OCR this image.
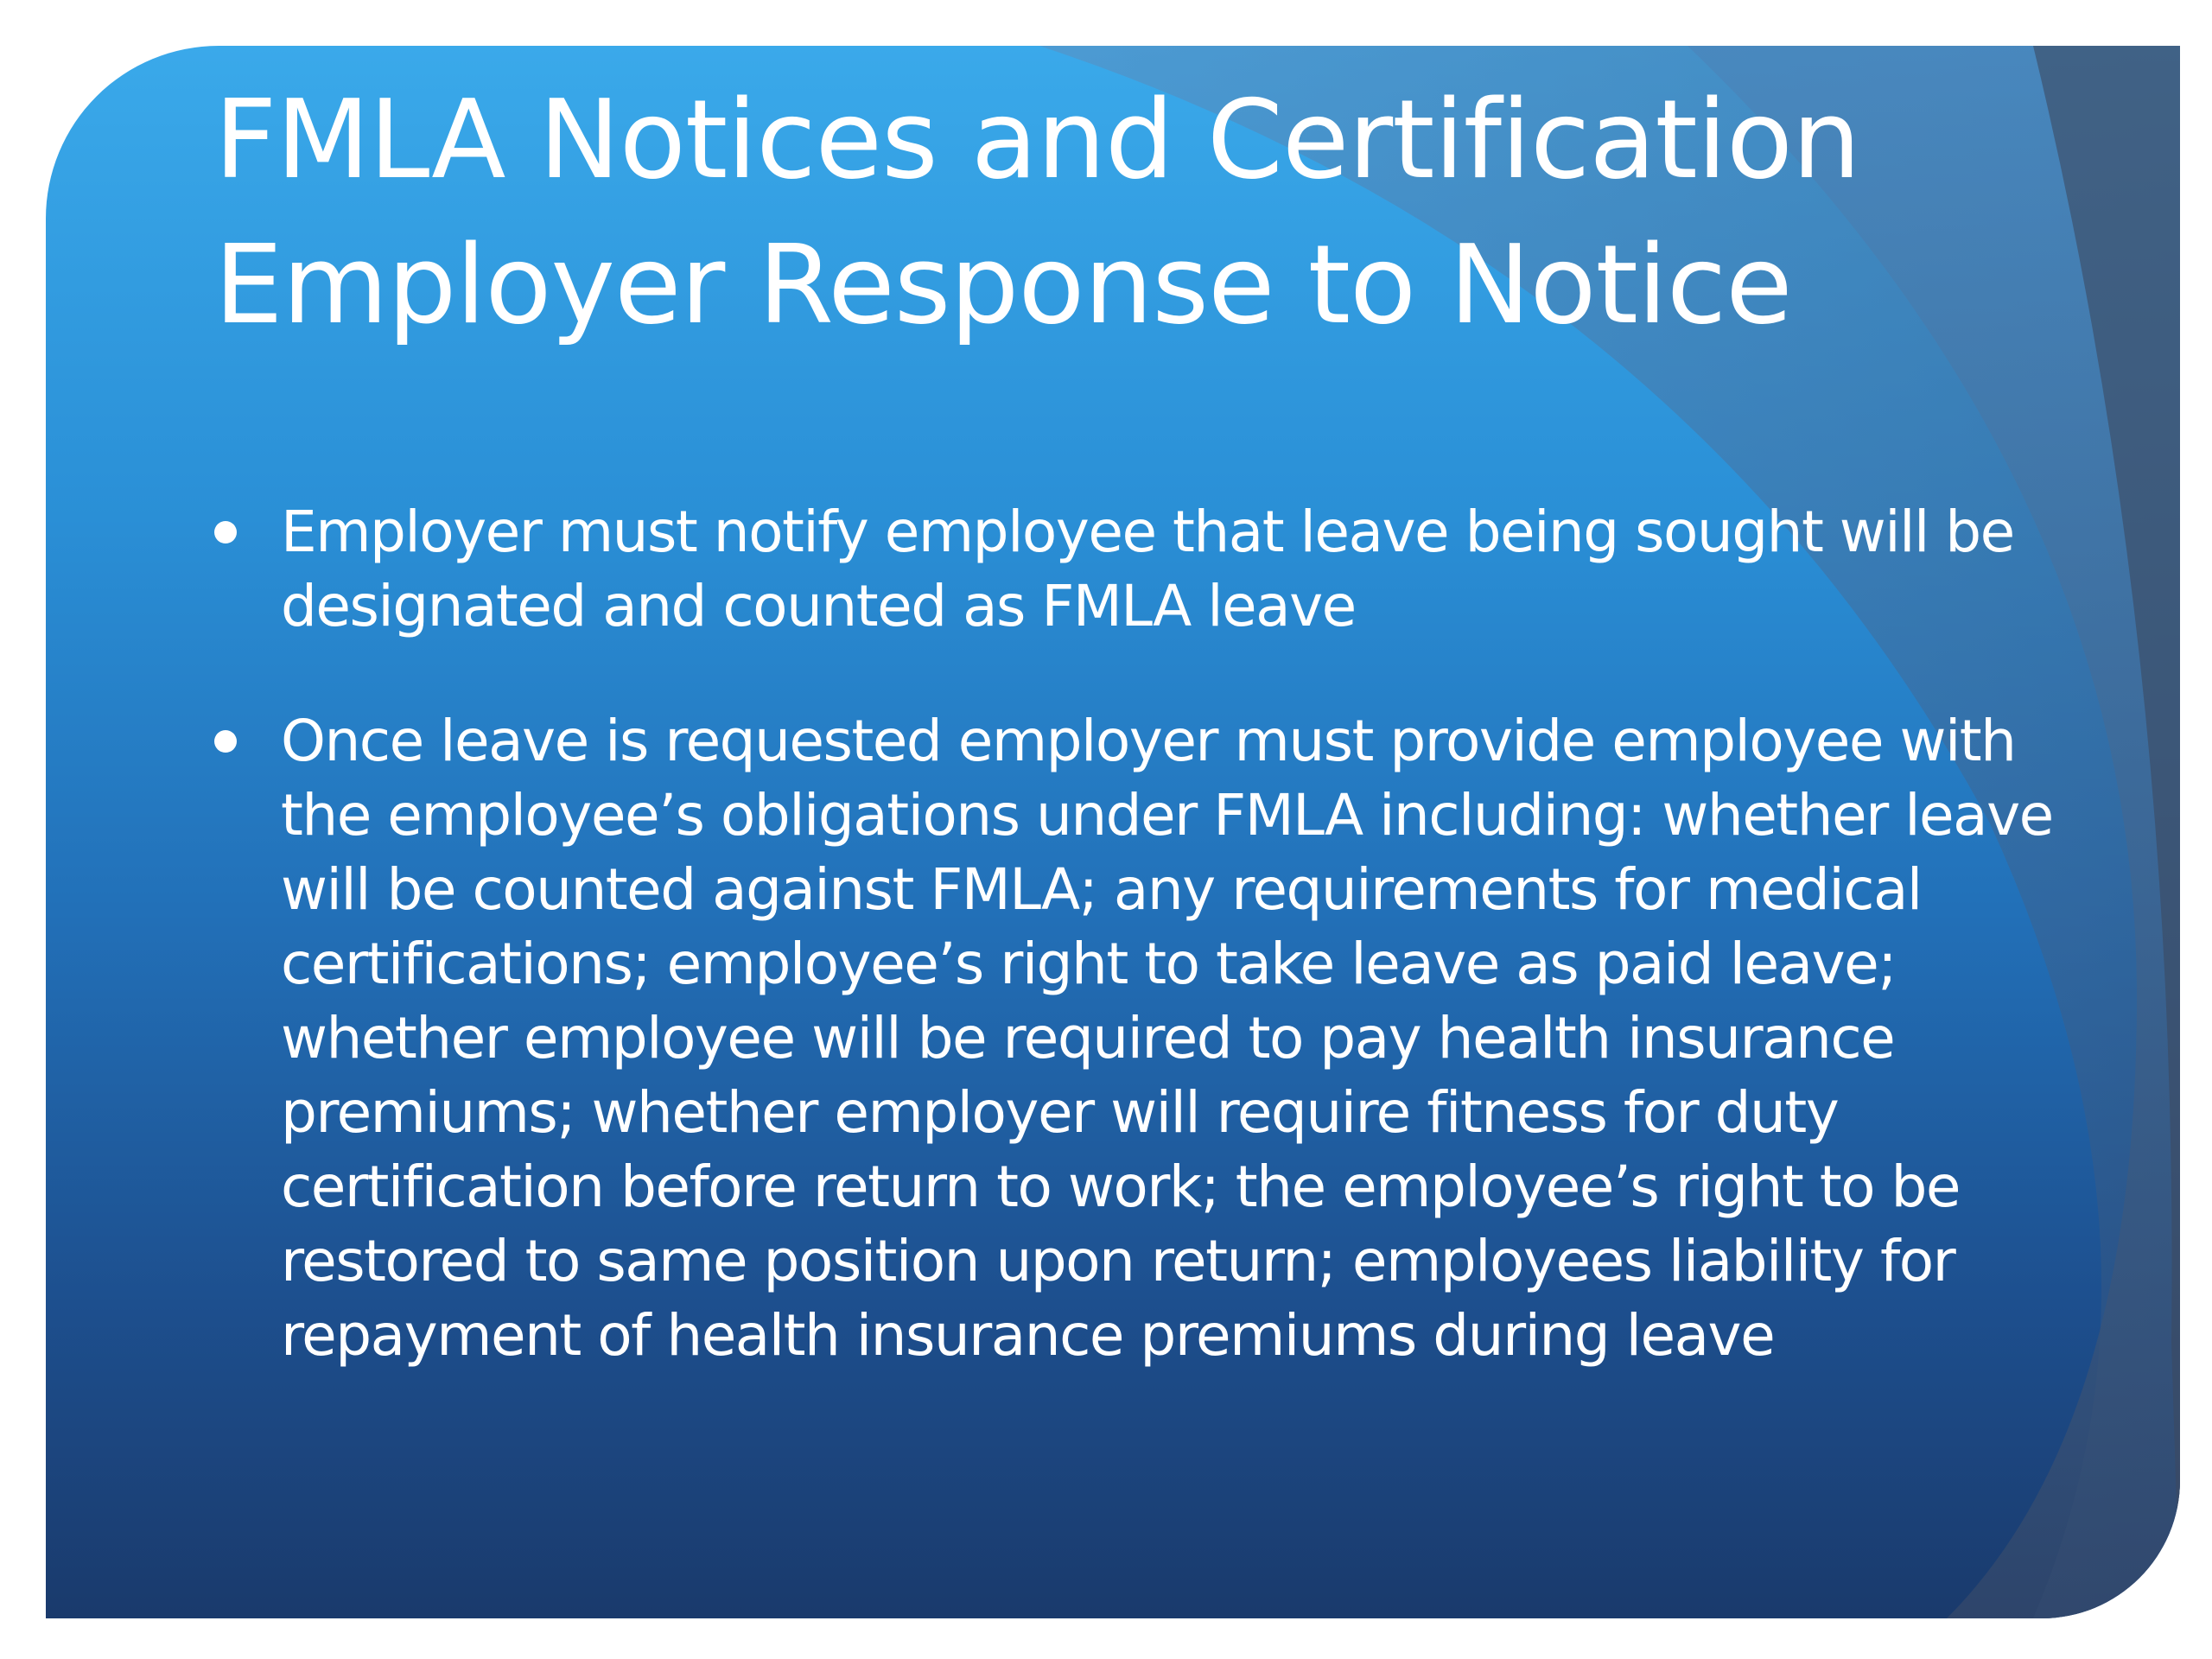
FMLA Notices and Certification
Employer Response to Notice
Employer must notify employee that leave being sought will be designated and counted as FMLA leave
Once leave is requested employer must provide employee with the employee’s obligations under FMLA including: whether leave will be counted against FMLA; any requirements for medical certifications; employee’s right to take leave as paid leave; whether employee will be required to pay health insurance premiums; whether employer will require fitness for duty certification before return to work; the employee’s right to be restored to same position upon return; employees liability for repayment of health insurance premiums during leave
